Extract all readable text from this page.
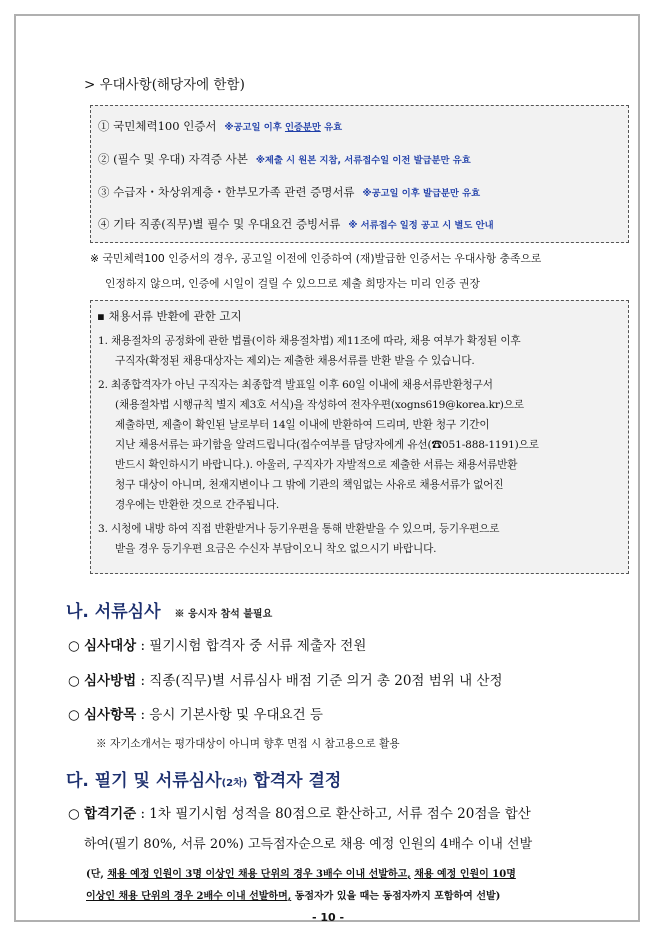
> 우대사항(해당자에 한함)
① 국민체력100 인증서 ※공고일 이후 인증분만 유효
② (필수 및 우대) 자격증 사본 ※제출 시 원본 지참, 서류접수일 이전 발급분만 유효
③ 수급자・차상위계층・한부모가족 관련 증명서류 ※공고일 이후 발급분만 유효
④ 기타 직종(직무)별 필수 및 우대요건 증빙서류 ※ 서류접수 일정 공고 시 별도 안내
※ 국민체력100 인증서의 경우, 공고일 이전에 인증하여 (재)발급한 인증서는 우대사항 충족으로
인정하지 않으며, 인증에 시일이 걸릴 수 있으므로 제출 희망자는 미리 인증 권장
▪ 채용서류 반환에 관한 고지
1. 채용절차의 공정화에 관한 법률(이하 채용절차법) 제11조에 따라, 채용 여부가 확정된 이후
구직자(확정된 채용대상자는 제외)는 제출한 채용서류를 반환 받을 수 있습니다.
2. 최종합격자가 아닌 구직자는 최종합격 발표일 이후 60일 이내에 채용서류반환청구서
(채용절차법 시행규칙 별지 제3호 서식)을 작성하여 전자우편(xogns619@korea.kr)으로
제출하면, 제출이 확인된 날로부터 14일 이내에 반환하여 드리며, 반환 청구 기간이
지난 채용서류는 파기함을 알려드립니다(접수여부를 담당자에게 유선(☎051-888-1191)으로
반드시 확인하시기 바랍니다.). 아울러, 구직자가 자발적으로 제출한 서류는 채용서류반환
청구 대상이 아니며, 천재지변이나 그 밖에 기관의 책임없는 사유로 채용서류가 없어진
경우에는 반환한 것으로 간주됩니다.
3. 시청에 내방 하여 직접 반환받거나 등기우편을 통해 반환받을 수 있으며, 등기우편으로
받을 경우 등기우편 요금은 수신자 부담이오니 착오 없으시기 바랍니다.
나. 서류심사 ※ 응시자 참석 불필요
○ 심사대상 : 필기시험 합격자 중 서류 제출자 전원
○ 심사방법 : 직종(직무)별 서류심사 배점 기준 의거 총 20점 범위 내 산정
○ 심사항목 : 응시 기본사항 및 우대요건 등
※ 자기소개서는 평가대상이 아니며 향후 면접 시 참고용으로 활용
다. 필기 및 서류심사(2차) 합격자 결정
○ 합격기준 : 1차 필기시험 성적을 80점으로 환산하고, 서류 점수 20점을 합산
하여(필기 80%, 서류 20%) 고득점자순으로 채용 예정 인원의 4배수 이내 선발
(단, 채용 예정 인원이 3명 이상인 채용 단위의 경우 3배수 이내 선발하고, 채용 예정 인원이 10명
이상인 채용 단위의 경우 2배수 이내 선발하며, 동점자가 있을 때는 동점자까지 포함하여 선발)
- 10 -
